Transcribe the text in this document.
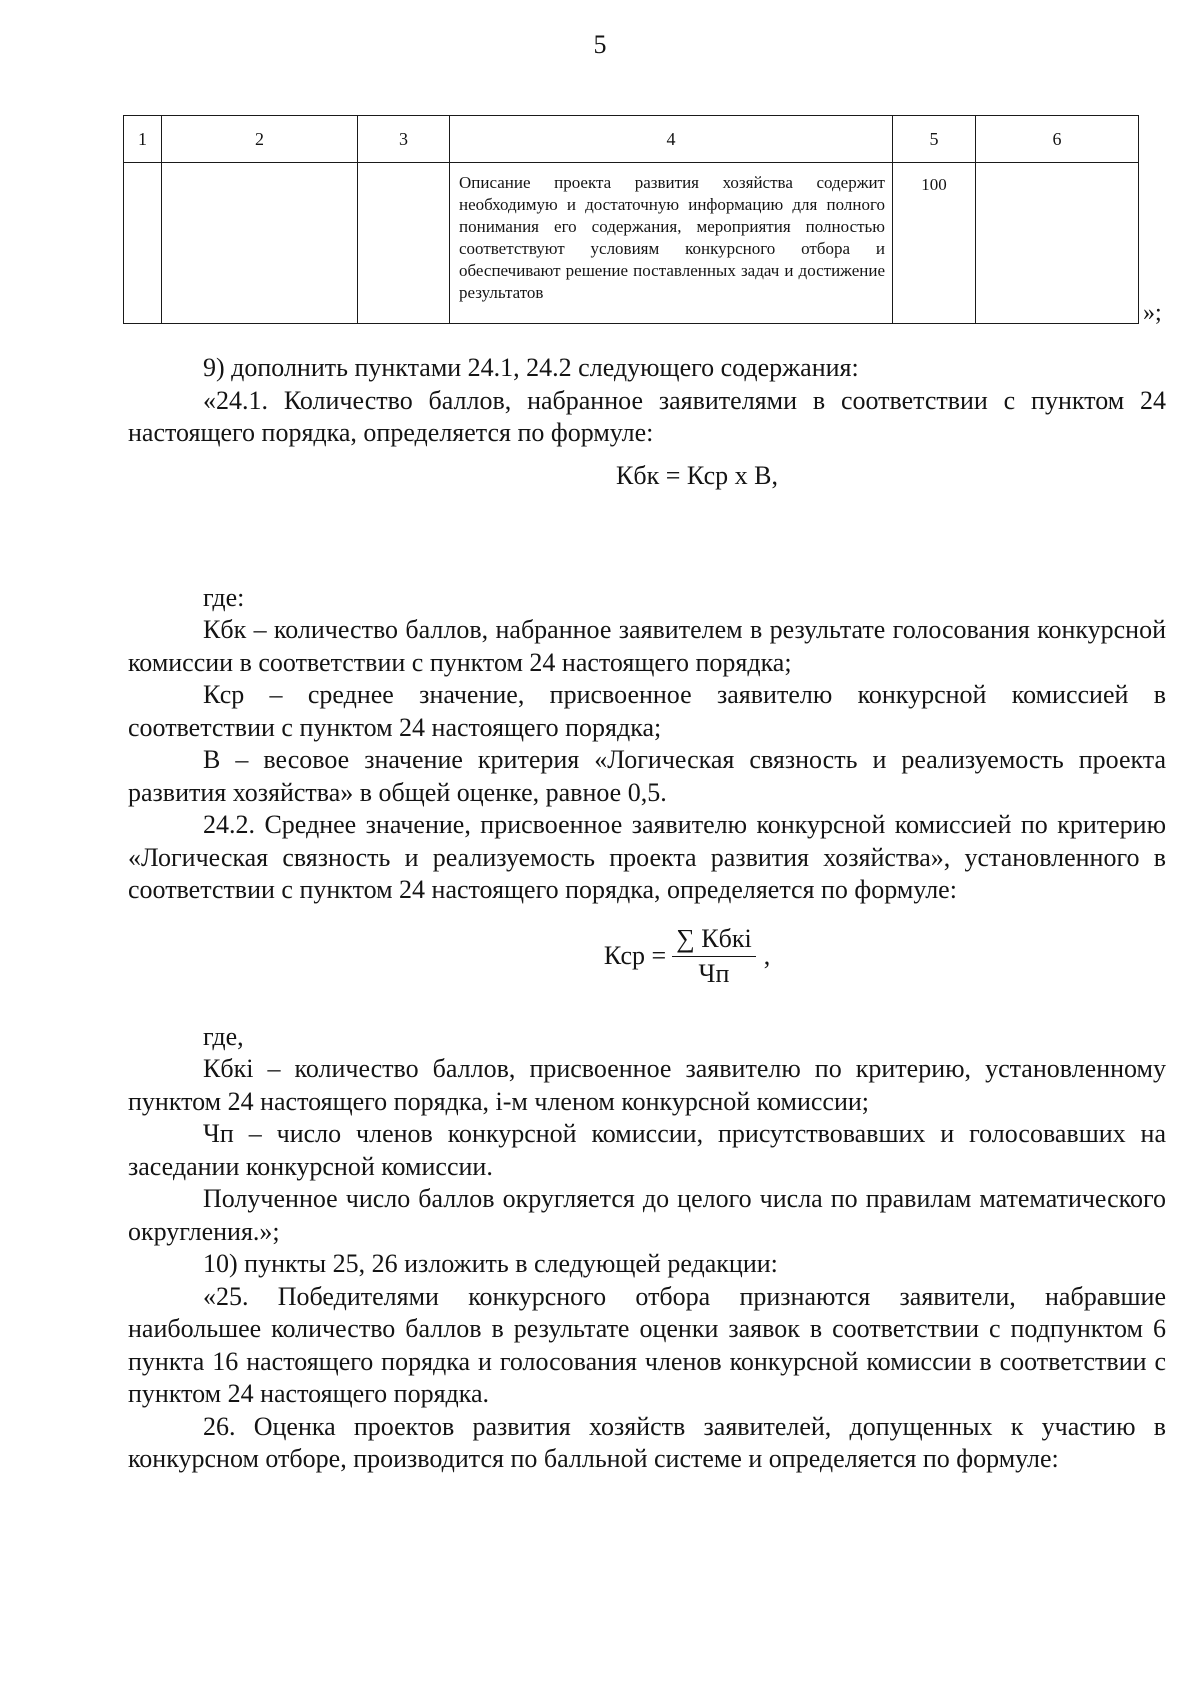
5
1	2	3	4	5	6

			Описание проекта развития хозяйства содержит необходимую и достаточную информацию для полного понимания его содержания, мероприятия полностью соответствуют условиям конкурсного отбора и обеспечивают решение поставленных задач и достижение результатов	100	

»;

9) дополнить пунктами 24.1, 24.2 следующего содержания:

«24.1. Количество баллов, набранное заявителями в соответствии с пунктом 24 настоящего порядка, определяется по формуле:

Кбк = Кср х В,

где:

Кбк – количество баллов, набранное заявителем в результате голосования конкурсной комиссии в соответствии с пунктом 24 настоящего порядка;

Кср – среднее значение, присвоенное заявителю конкурсной комиссией в соответствии с пунктом 24 настоящего порядка;

В – весовое значение критерия «Логическая связность и реализуемость проекта развития хозяйства» в общей оценке, равное 0,5.

24.2. Среднее значение, присвоенное заявителю конкурсной комиссией по критерию «Логическая связность и реализуемость проекта развития хозяйства», установленного в соответствии с пунктом 24 настоящего порядка, определяется по формуле:

Кср = $\frac{\text{∑ Кбкi}}{Чп}$ ,

где,

Кбкi – количество баллов, присвоенное заявителю по критерию, установленному пунктом 24 настоящего порядка, i-м членом конкурсной комиссии;

Чп – число членов конкурсной комиссии, присутствовавших и голосовавших на заседании конкурсной комиссии.

Полученное число баллов округляется до целого числа по правилам математического округления.»;

10) пункты 25, 26 изложить в следующей редакции:

«25. Победителями конкурсного отбора признаются заявители, набравшие наибольшее количество баллов в результате оценки заявок в соответствии с подпунктом 6 пункта 16 настоящего порядка и голосования членов конкурсной комиссии в соответствии с пунктом 24 настоящего порядка.

26. Оценка проектов развития хозяйств заявителей, допущенных к участию в конкурсном отборе, производится по балльной системе и определяется по формуле:
